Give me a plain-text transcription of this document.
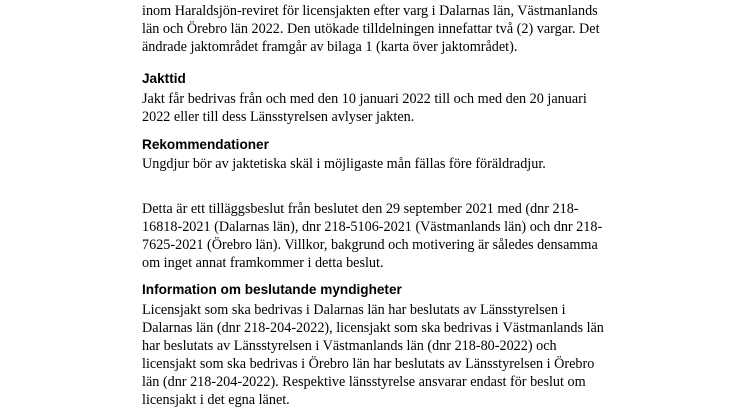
inom Haraldsjön-reviret för licensjakten efter varg i Dalarnas län, Västmanlands
län och Örebro län 2022. Den utökade tilldelningen innefattar två (2) vargar. Det
ändrade jaktområdet framgår av bilaga 1 (karta över jaktområdet).

Jakttid

Jakt får bedrivas från och med den 10 januari 2022 till och med den 20 januari
2022 eller till dess Länsstyrelsen avlyser jakten.

Rekommendationer

Ungdjur bör av jaktetiska skäl i möjligaste mån fällas före föräldradjur.

Detta är ett tilläggsbeslut från beslutet den 29 september 2021 med (dnr 218-
16818-2021 (Dalarnas län), dnr 218-5106-2021 (Västmanlands län) och dnr 218-
7625-2021 (Örebro län). Villkor, bakgrund och motivering är således densamma
om inget annat framkommer i detta beslut.

Information om beslutande myndigheter

Licensjakt som ska bedrivas i Dalarnas län har beslutats av Länsstyrelsen i
Dalarnas län (dnr 218-204-2022), licensjakt som ska bedrivas i Västmanlands län
har beslutats av Länsstyrelsen i Västmanlands län (dnr 218-80-2022) och
licensjakt som ska bedrivas i Örebro län har beslutats av Länsstyrelsen i Örebro
län (dnr 218-204-2022). Respektive länsstyrelse ansvarar endast för beslut om
licensjakt i det egna länet.
